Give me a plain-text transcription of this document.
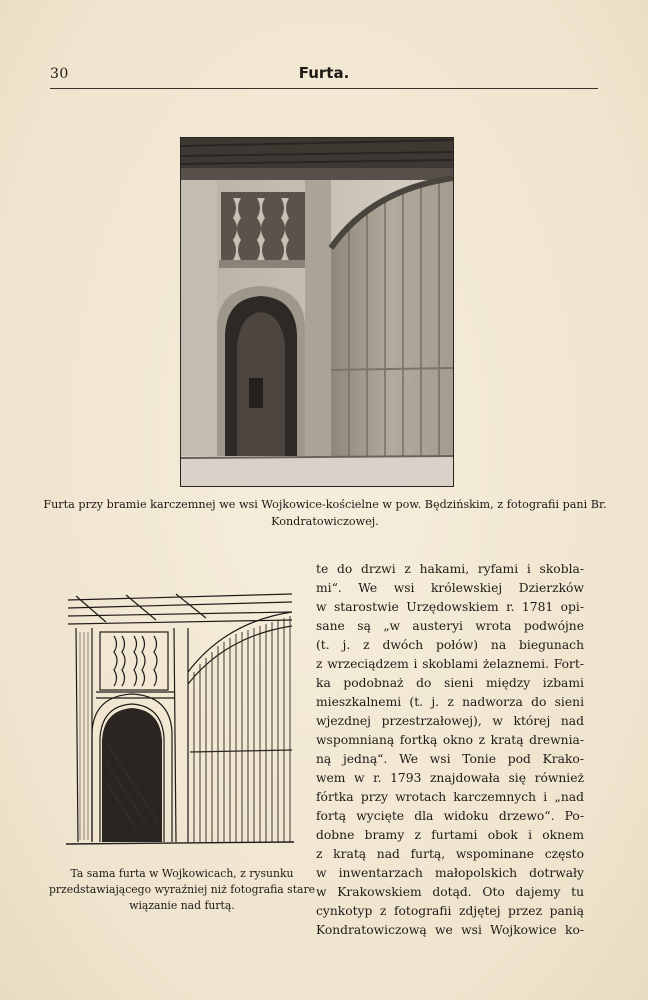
30	Furta.
Furta przy bramie karczemnej we wsi Wojkowice-kościelne w pow. Będzińskim, z fotografii pani Br. Kondratowiczowej.
Ta sama furta w Wojkowicach, z rysunku przedstawiającego wyraźniej niż fotografia stare wiązanie nad furtą.
te do drzwi z hakami, ryfami i skobla-
mi“. We wsi królewskiej Dzierzków
w starostwie Urzędowskiem r. 1781 opi-
sane są „w austeryi wrota podwójne
(t. j. z dwóch połów) na biegunach
z wrzeciądzem i skoblami żelaznemi. Fort-
ka podobnaż do sieni między izbami
mieszkalnemi (t. j. z nadworza do sieni
wjezdnej przestrzałowej), w której nad
wspomnianą fortką okno z kratą drewnia-
ną jedną“. We wsi Tonie pod Krako-
wem w r. 1793 znajdowała się również
fórtka przy wrotach karczemnych i „nad
fortą wycięte dla widoku drzewo“. Po-
dobne bramy z furtami obok i oknem
z kratą nad furtą, wspominane często
w inwentarzach małopolskich dotrwały
w Krakowskiem dotąd. Oto dajemy tu
cynkotyp z fotografii zdjętej przez panią
Kondratowiczową we wsi Wojkowice ko-
